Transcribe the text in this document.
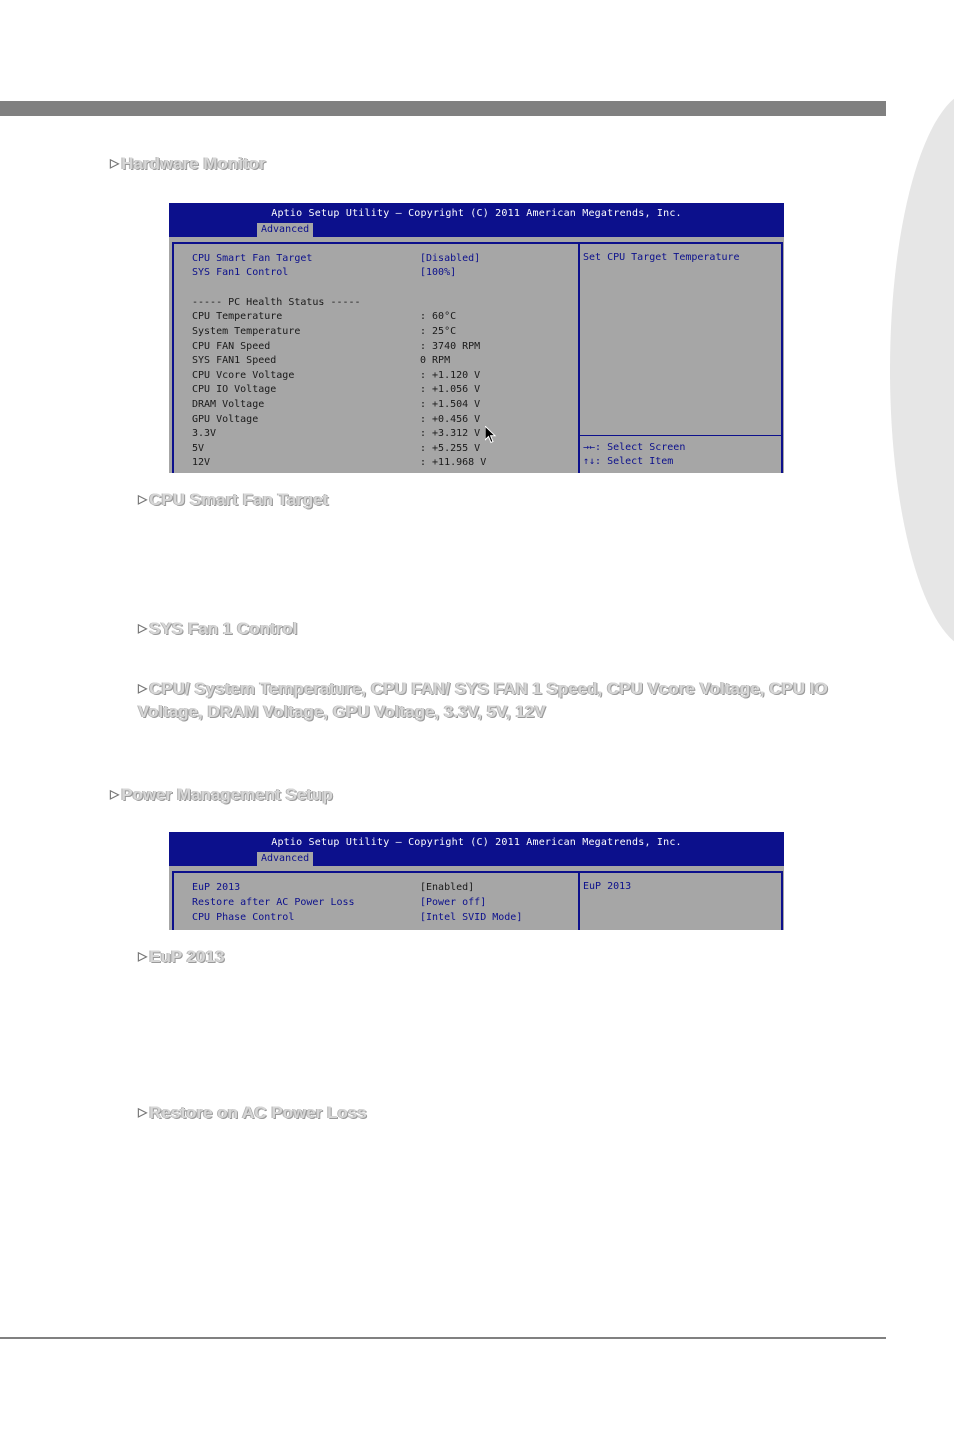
▷ Hardware Monitor
Aptio Setup Utility – Copyright (C) 2011 American Megatrends, Inc.
Advanced
CPU Smart Fan Target	[Disabled]
SYS Fan1 Control	[100%]
----- PC Health Status -----
CPU Temperature	: 60°C
System Temperature	: 25°C
CPU FAN Speed	: 3740 RPM
SYS FAN1 Speed	0 RPM
CPU Vcore Voltage	: +1.120 V
CPU IO Voltage	: +1.056 V
DRAM Voltage	: +1.504 V
GPU Voltage	: +0.456 V
3.3V	: +3.312 V
5V	: +5.255 V
12V	: +11.968 V
Set CPU Target Temperature
→←: Select Screen
↑↓: Select Item
▷ CPU Smart Fan Target
▷ SYS Fan 1 Control
▷ CPU/ System Temperature, CPU FAN/ SYS FAN 1 Speed, CPU Vcore Voltage, CPU IO Voltage, DRAM Voltage, GPU Voltage, 3.3V, 5V, 12V
▷ Power Management Setup
Aptio Setup Utility – Copyright (C) 2011 American Megatrends, Inc.
Advanced
EuP 2013	[Enabled]
Restore after AC Power Loss	[Power off]
CPU Phase Control	[Intel SVID Mode]
EuP 2013
▷ EuP 2013
▷ Restore on AC Power Loss
